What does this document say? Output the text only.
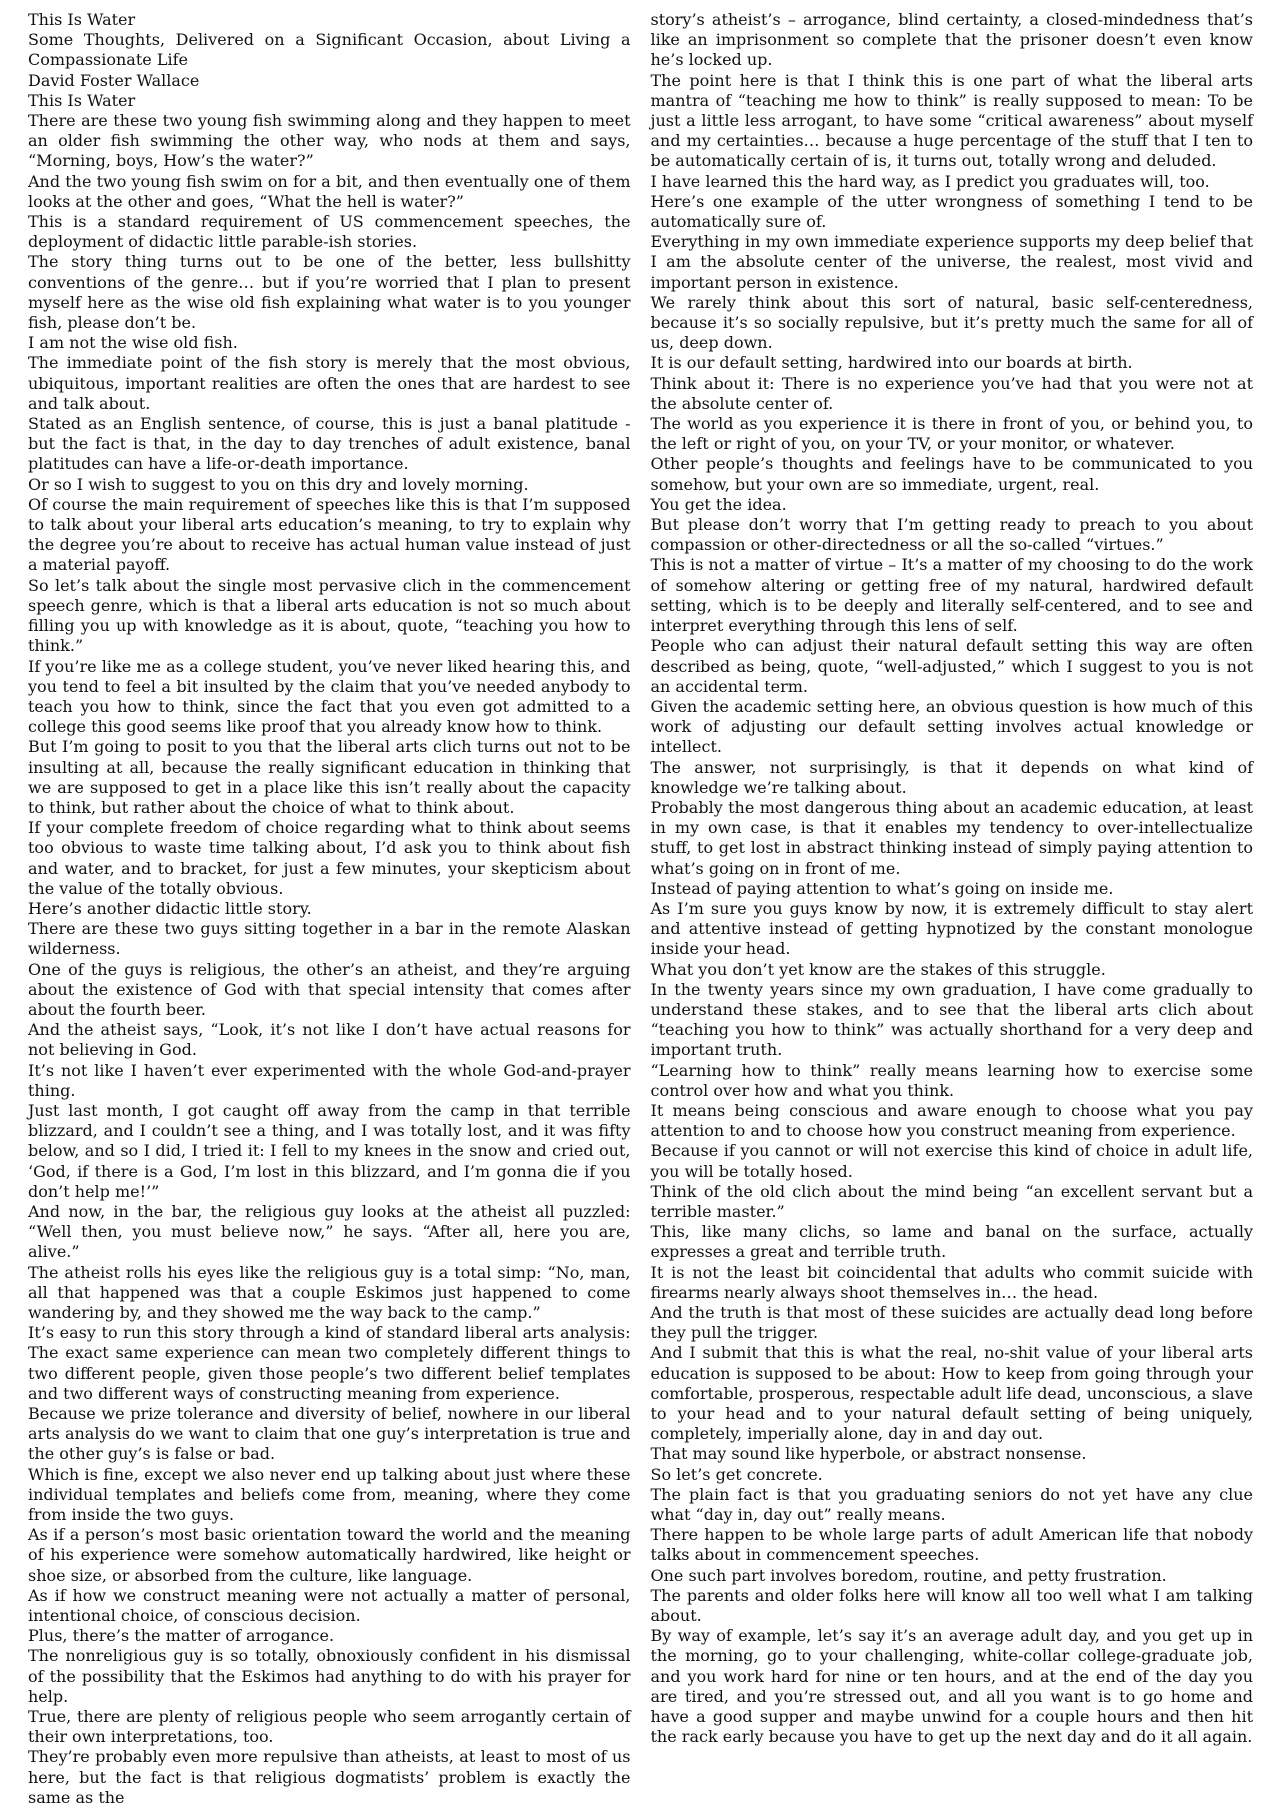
This Is Water

Some Thoughts, Delivered on a Significant Occasion, about Living a Compassionate Life

David Foster Wallace

This Is Water

There are these two young fish swimming along and they happen to meet an older fish swimming the other way, who nods at them and says, “Morning, boys, How’s the water?”

And the two young fish swim on for a bit, and then eventually one of them looks at the other and goes, “What the hell is water?”

This is a standard requirement of US commencement speeches, the deployment of didactic little parable-ish stories.

The story thing turns out to be one of the better, less bullshitty conventions of the genre… but if you’re worried that I plan to present myself here as the wise old fish explaining what water is to you younger fish, please don’t be.

I am not the wise old fish.

The immediate point of the fish story is merely that the most obvious, ubiquitous, important realities are often the ones that are hardest to see and talk about.

Stated as an English sentence, of course, this is just a banal platitude - but the fact is that, in the day to day trenches of adult existence, banal platitudes can have a life-or-death importance.

Or so I wish to suggest to you on this dry and lovely morning.

Of course the main requirement of speeches like this is that I’m supposed to talk about your liberal arts education’s meaning, to try to explain why the degree you’re about to receive has actual human value instead of just a material payoff.

So let’s talk about the single most pervasive clich in the commencement speech genre, which is that a liberal arts education is not so much about filling you up with knowledge as it is about, quote, “teaching you how to think.”

If you’re like me as a college student, you’ve never liked hearing this, and you tend to feel a bit insulted by the claim that you’ve needed anybody to teach you how to think, since the fact that you even got admitted to a college this good seems like proof that you already know how to think.

But I’m going to posit to you that the liberal arts clich turns out not to be insulting at all, because the really significant education in thinking that we are supposed to get in a place like this isn’t really about the capacity to think, but rather about the choice of what to think about.

If your complete freedom of choice regarding what to think about seems too obvious to waste time talking about, I’d ask you to think about fish and water, and to bracket, for just a few minutes, your skepticism about the value of the totally obvious.

Here’s another didactic little story.

There are these two guys sitting together in a bar in the remote Alaskan wilderness.

One of the guys is religious, the other’s an atheist, and they’re arguing about the existence of God with that special intensity that comes after about the fourth beer.

And the atheist says, “Look, it’s not like I don’t have actual reasons for not believing in God.

It’s not like I haven’t ever experimented with the whole God-and-prayer thing.

Just last month, I got caught off away from the camp in that terrible blizzard, and I couldn’t see a thing, and I was totally lost, and it was fifty below, and so I did, I tried it: I fell to my knees in the snow and cried out, ‘God, if there is a God, I’m lost in this blizzard, and I’m gonna die if you don’t help me!’”

And now, in the bar, the religious guy looks at the atheist all puzzled: “Well then, you must believe now,” he says. “After all, here you are, alive.”

The atheist rolls his eyes like the religious guy is a total simp: “No, man, all that happened was that a couple Eskimos just happened to come wandering by, and they showed me the way back to the camp.”

It’s easy to run this story through a kind of standard liberal arts analysis: The exact same experience can mean two completely different things to two different people, given those people’s two different belief templates and two different ways of constructing meaning from experience.

Because we prize tolerance and diversity of belief, nowhere in our liberal arts analysis do we want to claim that one guy’s interpretation is true and the other guy’s is false or bad.

Which is fine, except we also never end up talking about just where these individual templates and beliefs come from, meaning, where they come from inside the two guys.

As if a person’s most basic orientation toward the world and the meaning of his experience were somehow automatically hardwired, like height or shoe size, or absorbed from the culture, like language.

As if how we construct meaning were not actually a matter of personal, intentional choice, of conscious decision.

Plus, there’s the matter of arrogance.

The nonreligious guy is so totally, obnoxiously confident in his dismissal of the possibility that the Eskimos had anything to do with his prayer for help.

True, there are plenty of religious people who seem arrogantly certain of their own interpretations, too.

They’re probably even more repulsive than atheists, at least to most of us here, but the fact is that religious dogmatists’ problem is exactly the same as the

story’s atheist’s – arrogance, blind certainty, a closed-mindedness that’s like an imprisonment so complete that the prisoner doesn’t even know he’s locked up.

The point here is that I think this is one part of what the liberal arts mantra of “teaching me how to think” is really supposed to mean: To be just a little less arrogant, to have some “critical awareness” about myself and my certainties… because a huge percentage of the stuff that I ten to be automatically certain of is, it turns out, totally wrong and deluded.

I have learned this the hard way, as I predict you graduates will, too.

Here’s one example of the utter wrongness of something I tend to be automatically sure of.

Everything in my own immediate experience supports my deep belief that I am the absolute center of the universe, the realest, most vivid and important person in existence.

We rarely think about this sort of natural, basic self-centeredness, because it’s so socially repulsive, but it’s pretty much the same for all of us, deep down.

It is our default setting, hardwired into our boards at birth.

Think about it: There is no experience you’ve had that you were not at the absolute center of.

The world as you experience it is there in front of you, or behind you, to the left or right of you, on your TV, or your monitor, or whatever.

Other people’s thoughts and feelings have to be communicated to you somehow, but your own are so immediate, urgent, real.

You get the idea.

But please don’t worry that I’m getting ready to preach to you about compassion or other-directedness or all the so-called “virtues.”

This is not a matter of virtue – It’s a matter of my choosing to do the work of somehow altering or getting free of my natural, hardwired default setting, which is to be deeply and literally self-centered, and to see and interpret everything through this lens of self.

People who can adjust their natural default setting this way are often described as being, quote, “well-adjusted,” which I suggest to you is not an accidental term.

Given the academic setting here, an obvious question is how much of this work of adjusting our default setting involves actual knowledge or intellect.

The answer, not surprisingly, is that it depends on what kind of knowledge we’re talking about.

Probably the most dangerous thing about an academic education, at least in my own case, is that it enables my tendency to over-intellectualize stuff, to get lost in abstract thinking instead of simply paying attention to what’s going on in front of me.

Instead of paying attention to what’s going on inside me.

As I’m sure you guys know by now, it is extremely difficult to stay alert and attentive instead of getting hypnotized by the constant monologue inside your head.

What you don’t yet know are the stakes of this struggle.

In the twenty years since my own graduation, I have come gradually to understand these stakes, and to see that the liberal arts clich about “teaching you how to think” was actually shorthand for a very deep and important truth.

“Learning how to think” really means learning how to exercise some control over how and what you think.

It means being conscious and aware enough to choose what you pay attention to and to choose how you construct meaning from experience.

Because if you cannot or will not exercise this kind of choice in adult life, you will be totally hosed.

Think of the old clich about the mind being “an excellent servant but a terrible master.”

This, like many clichs, so lame and banal on the surface, actually expresses a great and terrible truth.

It is not the least bit coincidental that adults who commit suicide with firearms nearly always shoot themselves in… the head.

And the truth is that most of these suicides are actually dead long before they pull the trigger.

And I submit that this is what the real, no-shit value of your liberal arts education is supposed to be about: How to keep from going through your comfortable, prosperous, respectable adult life dead, unconscious, a slave to your head and to your natural default setting of being uniquely, completely, imperially alone, day in and day out.

That may sound like hyperbole, or abstract nonsense.

So let’s get concrete.

The plain fact is that you graduating seniors do not yet have any clue what “day in, day out” really means.

There happen to be whole large parts of adult American life that nobody talks about in commencement speeches.

One such part involves boredom, routine, and petty frustration.

The parents and older folks here will know all too well what I am talking about.

By way of example, let’s say it’s an average adult day, and you get up in the morning, go to your challenging, white-collar college-graduate job, and you work hard for nine or ten hours, and at the end of the day you are tired, and you’re stressed out, and all you want is to go home and have a good supper and maybe unwind for a couple hours and then hit the rack early because you have to get up the next day and do it all again.
